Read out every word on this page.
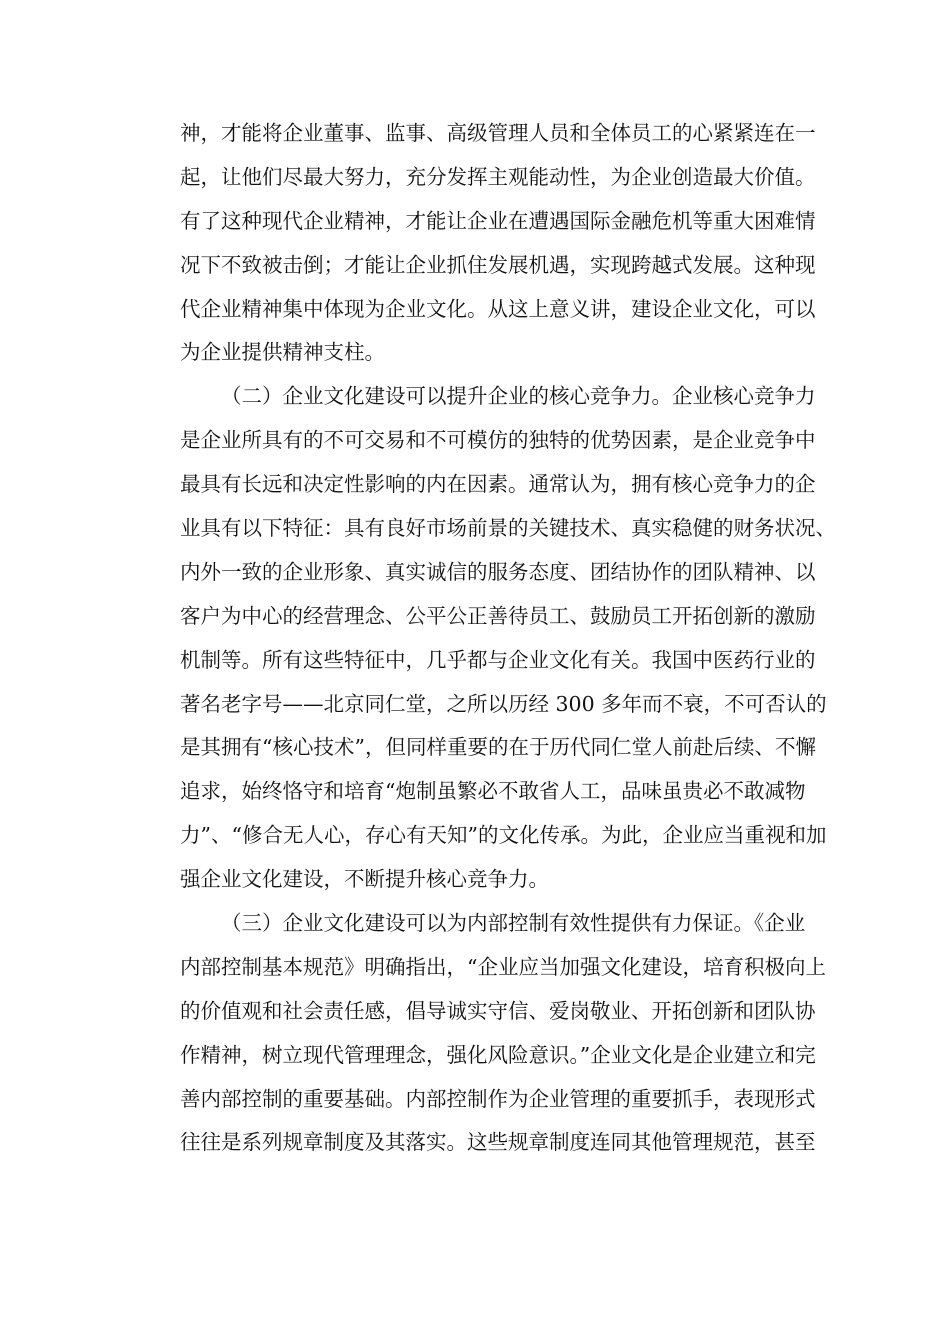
神，才能将企业董事、监事、高级管理人员和全体员工的心紧紧连在一
起，让他们尽最大努力，充分发挥主观能动性，为企业创造最大价值。
有了这种现代企业精神，才能让企业在遭遇国际金融危机等重大困难情
况下不致被击倒；才能让企业抓住发展机遇，实现跨越式发展。这种现
代企业精神集中体现为企业文化。从这上意义讲，建设企业文化，可以
为企业提供精神支柱。
（二）企业文化建设可以提升企业的核心竞争力。企业核心竞争力
是企业所具有的不可交易和不可模仿的独特的优势因素，是企业竞争中
最具有长远和决定性影响的内在因素。通常认为，拥有核心竞争力的企
业具有以下特征：具有良好市场前景的关键技术、真实稳健的财务状况、
内外一致的企业形象、真实诚信的服务态度、团结协作的团队精神、以
客户为中心的经营理念、公平公正善待员工、鼓励员工开拓创新的激励
机制等。所有这些特征中，几乎都与企业文化有关。我国中医药行业的
著名老字号——北京同仁堂，之所以历经 300 多年而不衰，不可否认的
是其拥有“核心技术”，但同样重要的在于历代同仁堂人前赴后续、不懈
追求，始终恪守和培育“炮制虽繁必不敢省人工，品味虽贵必不敢减物
力”、“修合无人心，存心有天知”的文化传承。为此，企业应当重视和加
强企业文化建设，不断提升核心竞争力。
（三）企业文化建设可以为内部控制有效性提供有力保证。《企业
内部控制基本规范》明确指出，“企业应当加强文化建设，培育积极向上
的价值观和社会责任感，倡导诚实守信、爱岗敬业、开拓创新和团队协
作精神，树立现代管理理念，强化风险意识。”企业文化是企业建立和完
善内部控制的重要基础。内部控制作为企业管理的重要抓手，表现形式
往往是系列规章制度及其落实。这些规章制度连同其他管理规范，甚至
